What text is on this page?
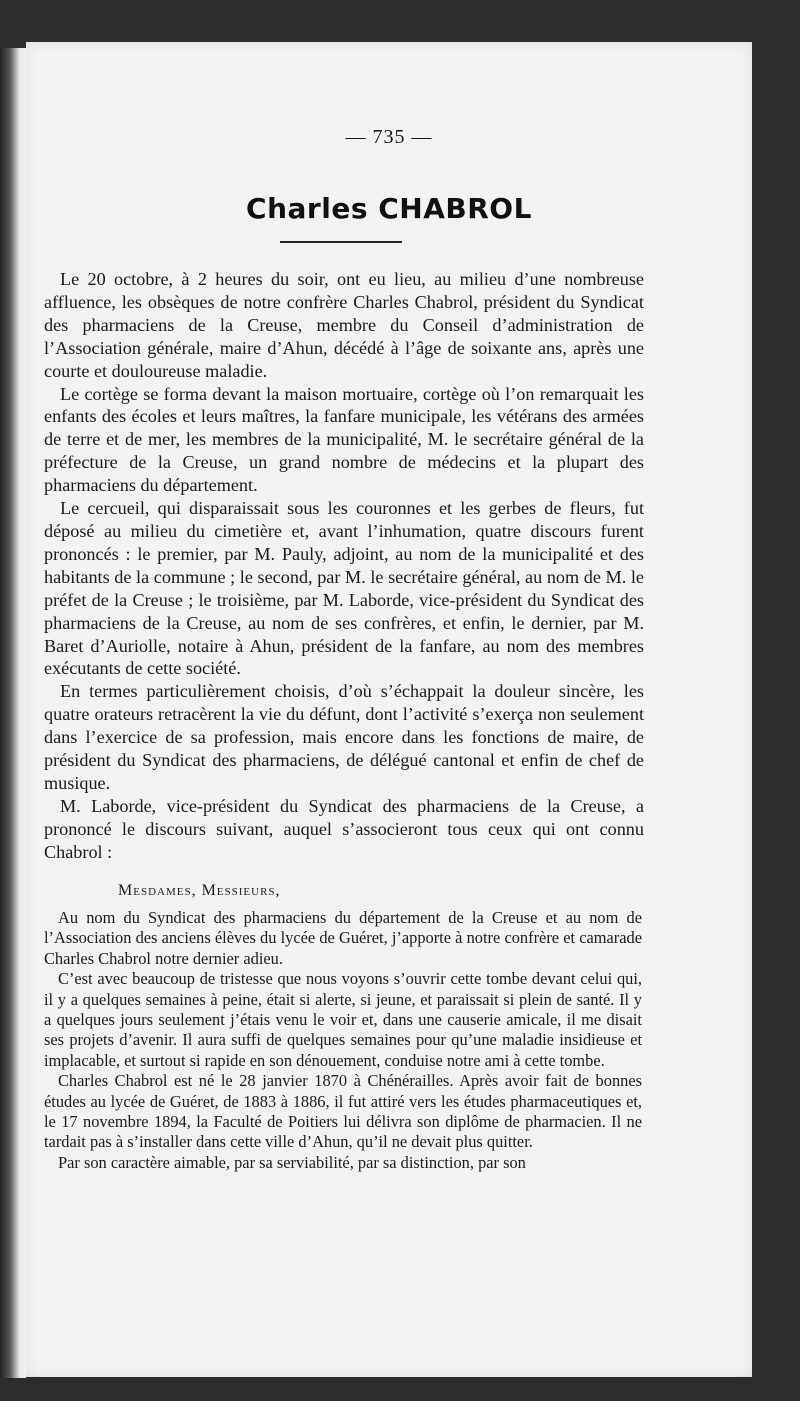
— 735 —
Charles CHABROL

Le 20 octobre, à 2 heures du soir, ont eu lieu, au milieu d’une nombreuse affluence, les obsèques de notre confrère Charles Chabrol, président du Syndicat des pharmaciens de la Creuse, membre du Conseil d’administration de l’Association générale, maire d’Ahun, décédé à l’âge de soixante ans, après une courte et douloureuse maladie.

Le cortège se forma devant la maison mortuaire, cortège où l’on remarquait les enfants des écoles et leurs maîtres, la fanfare municipale, les vétérans des armées de terre et de mer, les membres de la municipalité, M. le secrétaire général de la préfecture de la Creuse, un grand nombre de médecins et la plupart des pharmaciens du département.

Le cercueil, qui disparaissait sous les couronnes et les gerbes de fleurs, fut déposé au milieu du cimetière et, avant l’inhumation, quatre discours furent prononcés : le premier, par M. Pauly, adjoint, au nom de la municipalité et des habitants de la commune ; le second, par M. le secrétaire général, au nom de M. le préfet de la Creuse ; le troisième, par M. Laborde, vice-président du Syndicat des pharmaciens de la Creuse, au nom de ses confrères, et enfin, le dernier, par M. Baret d’Auriolle, notaire à Ahun, président de la fanfare, au nom des membres exécutants de cette société.

En termes particulièrement choisis, d’où s’échappait la douleur sincère, les quatre orateurs retracèrent la vie du défunt, dont l’activité s’exerça non seulement dans l’exercice de sa profession, mais encore dans les fonctions de maire, de président du Syndicat des pharmaciens, de délégué cantonal et enfin de chef de musique.

M. Laborde, vice-président du Syndicat des pharmaciens de la Creuse, a prononcé le discours suivant, auquel s’associeront tous ceux qui ont connu Chabrol :

Mesdames, Messieurs,

Au nom du Syndicat des pharmaciens du département de la Creuse et au nom de l’Association des anciens élèves du lycée de Guéret, j’apporte à notre confrère et camarade Charles Chabrol notre dernier adieu.

C’est avec beaucoup de tristesse que nous voyons s’ouvrir cette tombe devant celui qui, il y a quelques semaines à peine, était si alerte, si jeune, et paraissait si plein de santé. Il y a quelques jours seulement j’étais venu le voir et, dans une causerie amicale, il me disait ses projets d’avenir. Il aura suffi de quelques semaines pour qu’une maladie insidieuse et implacable, et surtout si rapide en son dénouement, conduise notre ami à cette tombe.

Charles Chabrol est né le 28 janvier 1870 à Chénérailles. Après avoir fait de bonnes études au lycée de Guéret, de 1883 à 1886, il fut attiré vers les études pharmaceutiques et, le 17 novembre 1894, la Faculté de Poitiers lui délivra son diplôme de pharmacien. Il ne tardait pas à s’installer dans cette ville d’Ahun, qu’il ne devait plus quitter.

Par son caractère aimable, par sa serviabilité, par sa distinction, par son
